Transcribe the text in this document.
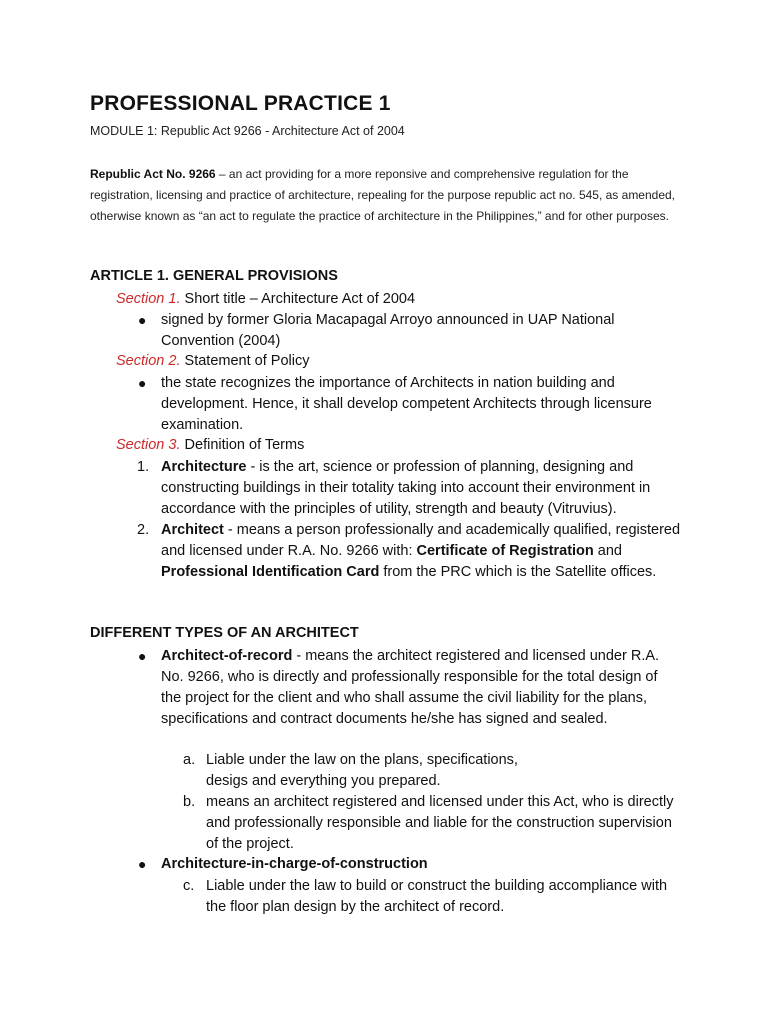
PROFESSIONAL PRACTICE 1
MODULE 1: Republic Act 9266 - Architecture Act of 2004
Republic Act No. 9266 – an act providing for a more reponsive and comprehensive regulation for the registration, licensing and practice of architecture, repealing for the purpose republic act no. 545, as amended, otherwise known as “an act to regulate the practice of architecture in the Philippines,” and for other purposes.
ARTICLE 1. GENERAL PROVISIONS
Section 1. Short title – Architecture Act of 2004
●	signed by former Gloria Macapagal Arroyo announced in UAP National Convention (2004)
Section 2. Statement of Policy
●	the state recognizes the importance of Architects in nation building and development. Hence, it shall develop competent Architects through licensure examination.
Section 3. Definition of Terms
1. Architecture - is the art, science or profession of planning, designing and constructing buildings in their totality taking into account their environment in accordance with the principles of utility, strength and beauty (Vitruvius).
2. Architect - means a person professionally and academically qualified, registered and licensed under R.A. No. 9266 with: Certificate of Registration and Professional Identification Card from the PRC which is the Satellite offices.
DIFFERENT TYPES OF AN ARCHITECT
●	Architect-of-record - means the architect registered and licensed under R.A. No. 9266, who is directly and professionally responsible for the total design of the project for the client and who shall assume the civil liability for the plans, specifications and contract documents he/she has signed and sealed.
a. Liable under the law on the plans, specifications,
desigs and everything you prepared.
b. means an architect registered and licensed under this Act, who is directly and professionally responsible and liable for the construction supervision of the project.
●	Architecture-in-charge-of-construction
c. Liable under the law to build or construct the building accompliance with the floor plan design by the architect of record.
